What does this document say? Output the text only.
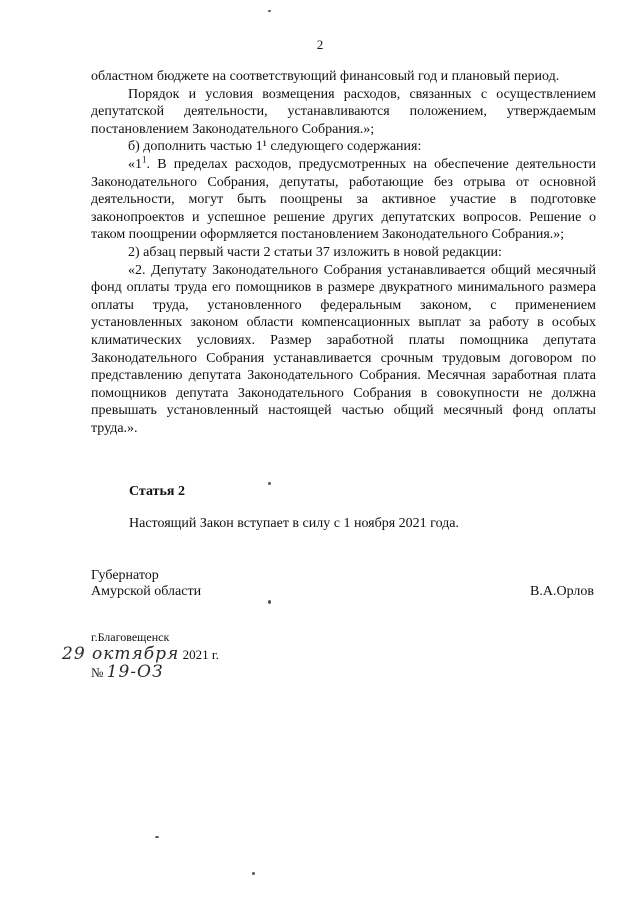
2

областном бюджете на соответствующий финансовый год и плановый период.

Порядок и условия возмещения расходов, связанных с осуществлением депутатской деятельности, устанавливаются положением, утверждаемым постановлением Законодательного Собрания.»;

б) дополнить частью 1¹ следующего содержания:

«$1^1$. В пределах расходов, предусмотренных на обеспечение деятельности Законодательного Собрания, депутаты, работающие без отрыва от основной деятельности, могут быть поощрены за активное участие в подготовке законопроектов и успешное решение других депутатских вопросов. Решение о таком поощрении оформляется постановлением Законодательного Собрания.»;

2) абзац первый части 2 статьи 37 изложить в новой редакции:

«2. Депутату Законодательного Собрания устанавливается общий месячный фонд оплаты труда его помощников в размере двукратного минимального размера оплаты труда, установленного федеральным законом, с применением установленных законом области компенсационных выплат за работу в особых климатических условиях. Размер заработной платы помощника депутата Законодательного Собрания устанавливается срочным трудовым договором по представлению депутата Законодательного Собрания. Месячная заработная плата помощников депутата Законодательного Собрания в совокупности не должна превышать установленный настоящей частью общий месячный фонд оплаты труда.».

Статья 2
Настоящий Закон вступает в силу с 1 ноября 2021 года.
Губернатор
Амурской области	В.А.Орлов
г.Благовещенск
29 октября 2021 г.
№ 19-ОЗ
